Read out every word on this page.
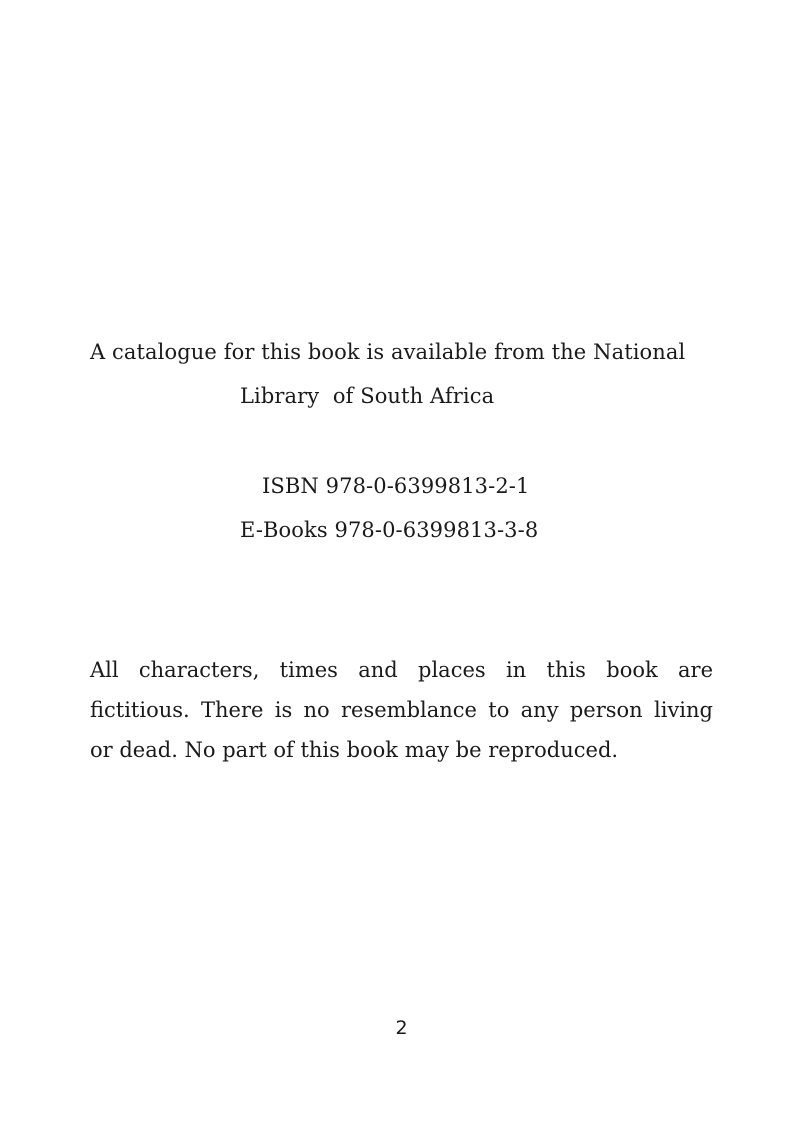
A catalogue for this book is available from the National
Library  of South Africa
ISBN 978-0-6399813-2-1
E-Books 978-0-6399813-3-8
All characters, times and places in this book are
fictitious. There is no resemblance to any person living
or dead. No part of this book may be reproduced.
2
